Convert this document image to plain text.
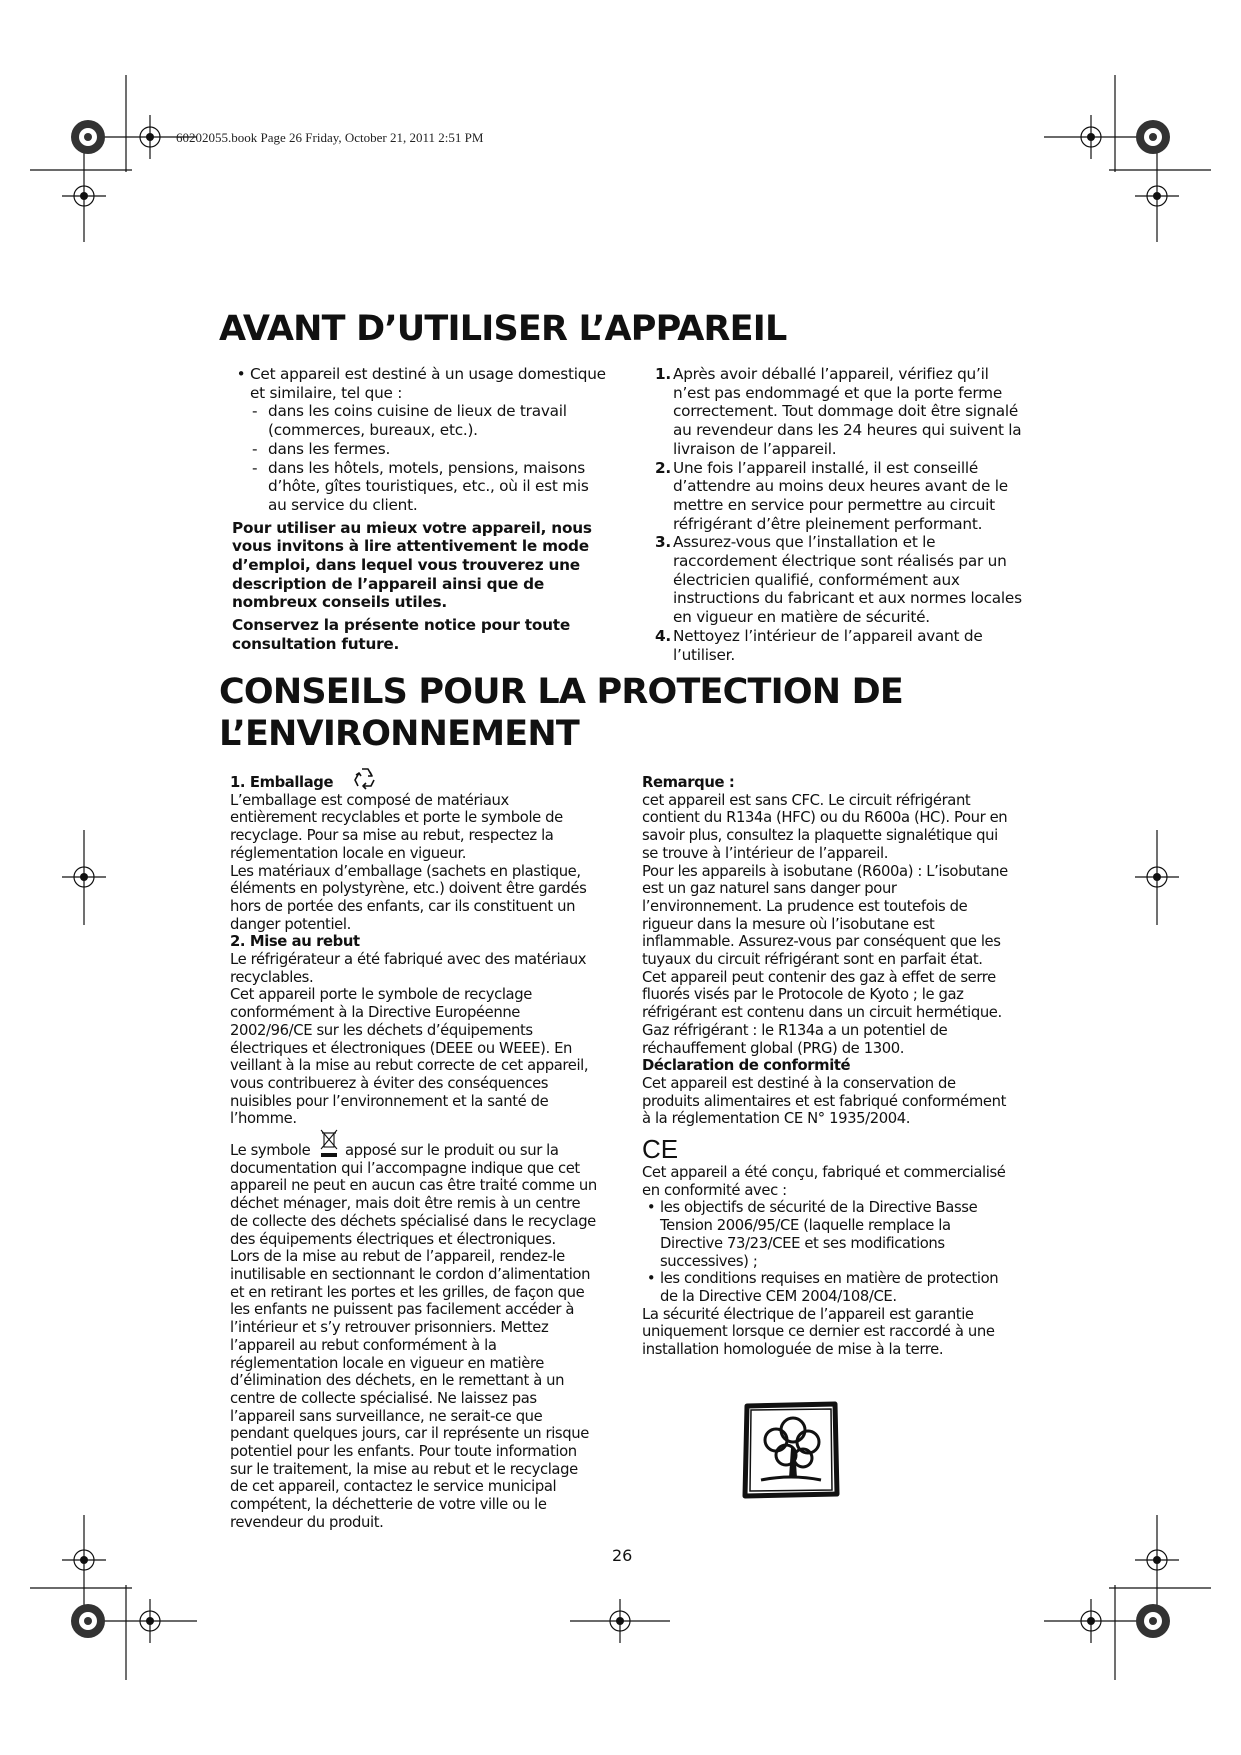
60202055.book Page 26 Friday, October 21, 2011 2:51 PM
AVANT D’UTILISER L’APPAREIL
• Cet appareil est destiné à un usage domestique et similaire, tel que :
- dans les coins cuisine de lieux de travail (commerces, bureaux, etc.).
- dans les fermes.
- dans les hôtels, motels, pensions, maisons d’hôte, gîtes touristiques, etc., où il est mis au service du client.

Pour utiliser au mieux votre appareil, nous vous invitons à lire attentivement le mode d’emploi, dans lequel vous trouverez une description de l’appareil ainsi que de nombreux conseils utiles.

Conservez la présente notice pour toute consultation future.

1. Après avoir déballé l’appareil, vérifiez qu’il n’est pas endommagé et que la porte ferme correctement. Tout dommage doit être signalé au revendeur dans les 24 heures qui suivent la livraison de l’appareil.
2. Une fois l’appareil installé, il est conseillé d’attendre au moins deux heures avant de le mettre en service pour permettre au circuit réfrigérant d’être pleinement performant.
3. Assurez-vous que l’installation et le raccordement électrique sont réalisés par un électricien qualifié, conformément aux instructions du fabricant et aux normes locales en vigueur en matière de sécurité.
4. Nettoyez l’intérieur de l’appareil avant de l’utiliser.
CONSEILS POUR LA PROTECTION DE
L’ENVIRONNEMENT

1. Emballage

L’emballage est composé de matériaux entièrement recyclables et porte le symbole de recyclage. Pour sa mise au rebut, respectez la réglementation locale en vigueur.

Les matériaux d’emballage (sachets en plastique, éléments en polystyrène, etc.) doivent être gardés hors de portée des enfants, car ils constituent un danger potentiel.

2. Mise au rebut

Le réfrigérateur a été fabriqué avec des matériaux recyclables.

Cet appareil porte le symbole de recyclage conformément à la Directive Européenne 2002/96/CE sur les déchets d’équipements électriques et électroniques (DEEE ou WEEE). En veillant à la mise au rebut correcte de cet appareil, vous contribuerez à éviter des conséquences nuisibles pour l’environnement et la santé de l’homme.

Le symbole apposé sur le produit ou sur la documentation qui l’accompagne indique que cet appareil ne peut en aucun cas être traité comme un déchet ménager, mais doit être remis à un centre de collecte des déchets spécialisé dans le recyclage des équipements électriques et électroniques.

Lors de la mise au rebut de l’appareil, rendez-le inutilisable en sectionnant le cordon d’alimentation et en retirant les portes et les grilles, de façon que les enfants ne puissent pas facilement accéder à l’intérieur et s’y retrouver prisonniers. Mettez l’appareil au rebut conformément à la réglementation locale en vigueur en matière d’élimination des déchets, en le remettant à un centre de collecte spécialisé. Ne laissez pas l’appareil sans surveillance, ne serait-ce que pendant quelques jours, car il représente un risque potentiel pour les enfants. Pour toute information sur le traitement, la mise au rebut et le recyclage de cet appareil, contactez le service municipal compétent, la déchetterie de votre ville ou le revendeur du produit.

Remarque :

cet appareil est sans CFC. Le circuit réfrigérant contient du R134a (HFC) ou du R600a (HC). Pour en savoir plus, consultez la plaquette signalétique qui se trouve à l’intérieur de l’appareil.

Pour les appareils à isobutane (R600a) : L’isobutane est un gaz naturel sans danger pour l’environnement. La prudence est toutefois de rigueur dans la mesure où l’isobutane est inflammable. Assurez-vous par conséquent que les tuyaux du circuit réfrigérant sont en parfait état.

Cet appareil peut contenir des gaz à effet de serre fluorés visés par le Protocole de Kyoto ; le gaz réfrigérant est contenu dans un circuit hermétique. Gaz réfrigérant : le R134a a un potentiel de réchauffement global (PRG) de 1300.

Déclaration de conformité

Cet appareil est destiné à la conservation de produits alimentaires et est fabriqué conformément à la réglementation CE N° 1935/2004.

CE

Cet appareil a été conçu, fabriqué et commercialisé en conformité avec :

• les objectifs de sécurité de la Directive Basse Tension 2006/95/CE (laquelle remplace la Directive 73/23/CEE et ses modifications successives) ;
• les conditions requises en matière de protection de la Directive CEM 2004/108/CE.

La sécurité électrique de l’appareil est garantie uniquement lorsque ce dernier est raccordé à une installation homologuée de mise à la terre.

26
